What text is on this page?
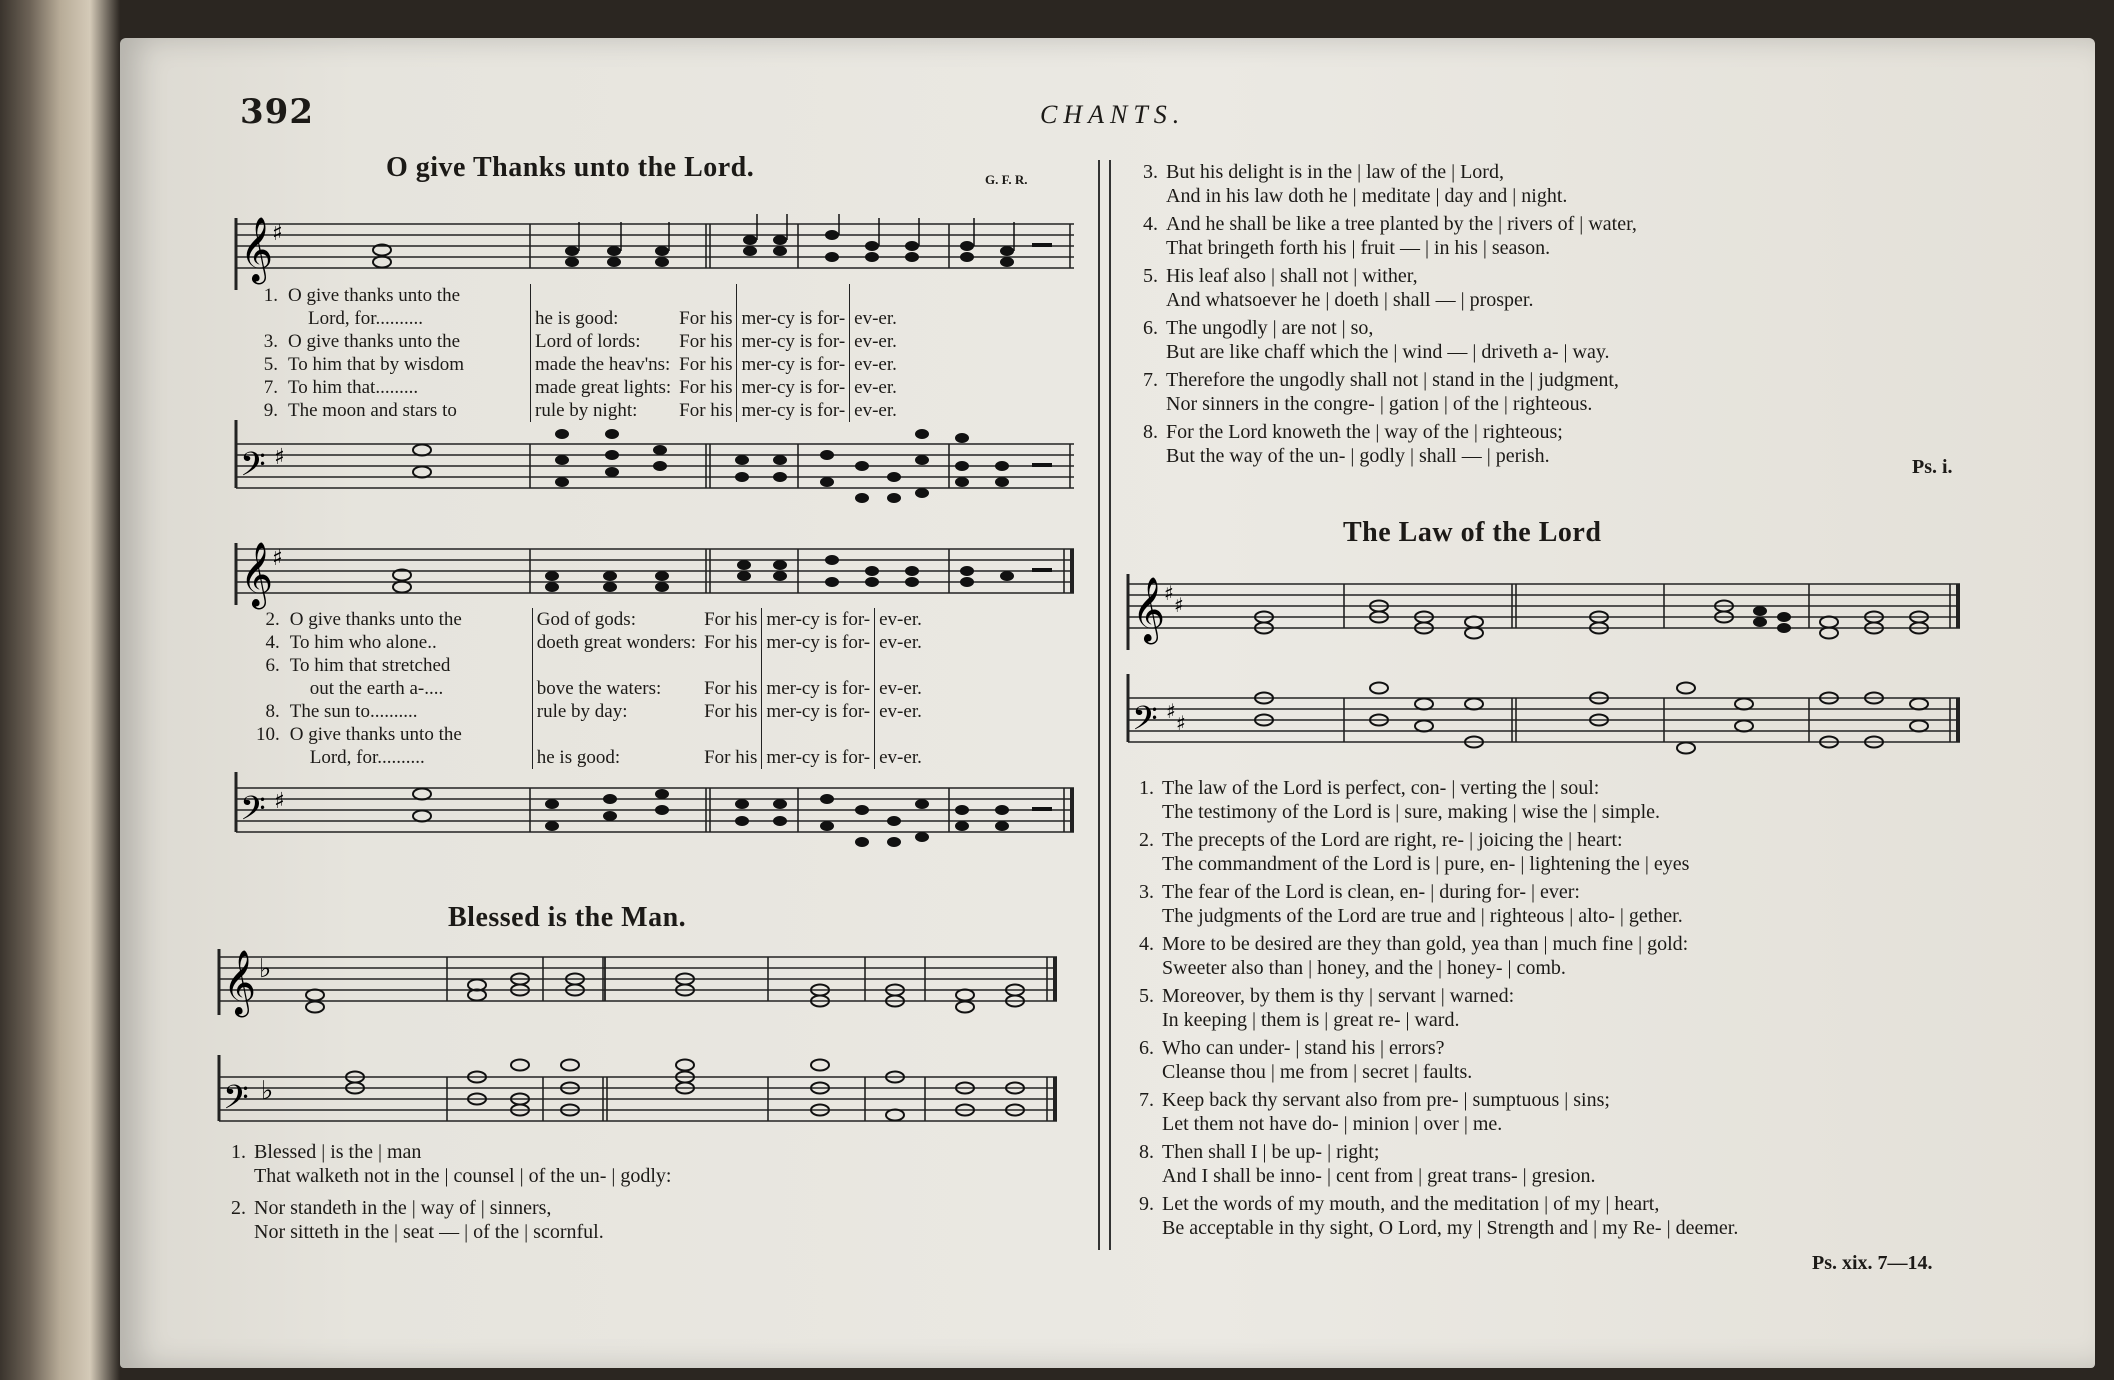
392	CHANTS.
O give Thanks unto the Lord.	G. F. R.
𝄞
♯
1.	O give thanks unto the
Lord, for..........	he is good:	For his	mer-cy is for-	ev-er.
3.	O give thanks unto the	Lord of lords:	For his	mer-cy is for-	ev-er.
5.	To him that by wisdom	made the heav'ns:	For his	mer-cy is for-	ev-er.
7.	To him that.........	made great lights:	For his	mer-cy is for-	ev-er.
9.	The moon and stars to	rule by night:	For his	mer-cy is for-	ev-er.
𝄢 ♯
𝄞
♯
2.	O give thanks unto the	God of gods:	For his	mer-cy is for-	ev-er.
4.	To him who alone..	doeth great wonders:	For his	mer-cy is for-	ev-er.
6.	To him that stretched
out the earth a-....	bove the waters:	For his	mer-cy is for-	ev-er.
8.	The sun to..........	rule by day:	For his	mer-cy is for-	ev-er.
10.	O give thanks unto the
Lord, for..........	he is good:	For his	mer-cy is for-	ev-er.
𝄢 ♯
Blessed is the Man.
𝄞 ♭
𝄢 ♭
1. Blessed | is the | man
That walketh not in the | counsel | of the un- | godly:
2. Nor standeth in the | way of | sinners,
Nor sitteth in the | seat — | of the | scornful.
3. But his delight is in the | law of the | Lord,
And in his law doth he | meditate | day and | night.
4. And he shall be like a tree planted by the | rivers of | water,
That bringeth forth his | fruit — | in his | season.
5. His leaf also | shall not | wither,
And whatsoever he | doeth | shall — | prosper.
6. The ungodly | are not | so,
But are like chaff which the | wind — | driveth a- | way.
7. Therefore the ungodly shall not | stand in the | judgment,
Nor sinners in the congre- | gation | of the | righteous.
8. For the Lord knoweth the | way of the | righteous;
But the way of the un- | godly | shall — | perish.	Ps. i.
The Law of the Lord
𝄞
♯ ♯
𝄢 ♯ ♯
1. The law of the Lord is perfect, con- | verting the | soul:
The testimony of the Lord is | sure, making | wise the | simple.
2. The precepts of the Lord are right, re- | joicing the | heart:
The commandment of the Lord is | pure, en- | lightening the | eyes
3. The fear of the Lord is clean, en- | during for- | ever:
The judgments of the Lord are true and | righteous | alto- | gether.
4. More to be desired are they than gold, yea than | much fine | gold:
Sweeter also than | honey, and the | honey- | comb.
5. Moreover, by them is thy | servant | warned:
In keeping | them is | great re- | ward.
6. Who can under- | stand his | errors?
Cleanse thou | me from | secret | faults.
7. Keep back thy servant also from pre- | sumptuous | sins;
Let them not have do- | minion | over | me.
8. Then shall I | be up- | right;
And I shall be inno- | cent from | great trans- | gresion.
9. Let the words of my mouth, and the meditation | of my | heart,
Be acceptable in thy sight, O Lord, my | Strength and | my Re- | deemer.
Ps. xix. 7—14.
